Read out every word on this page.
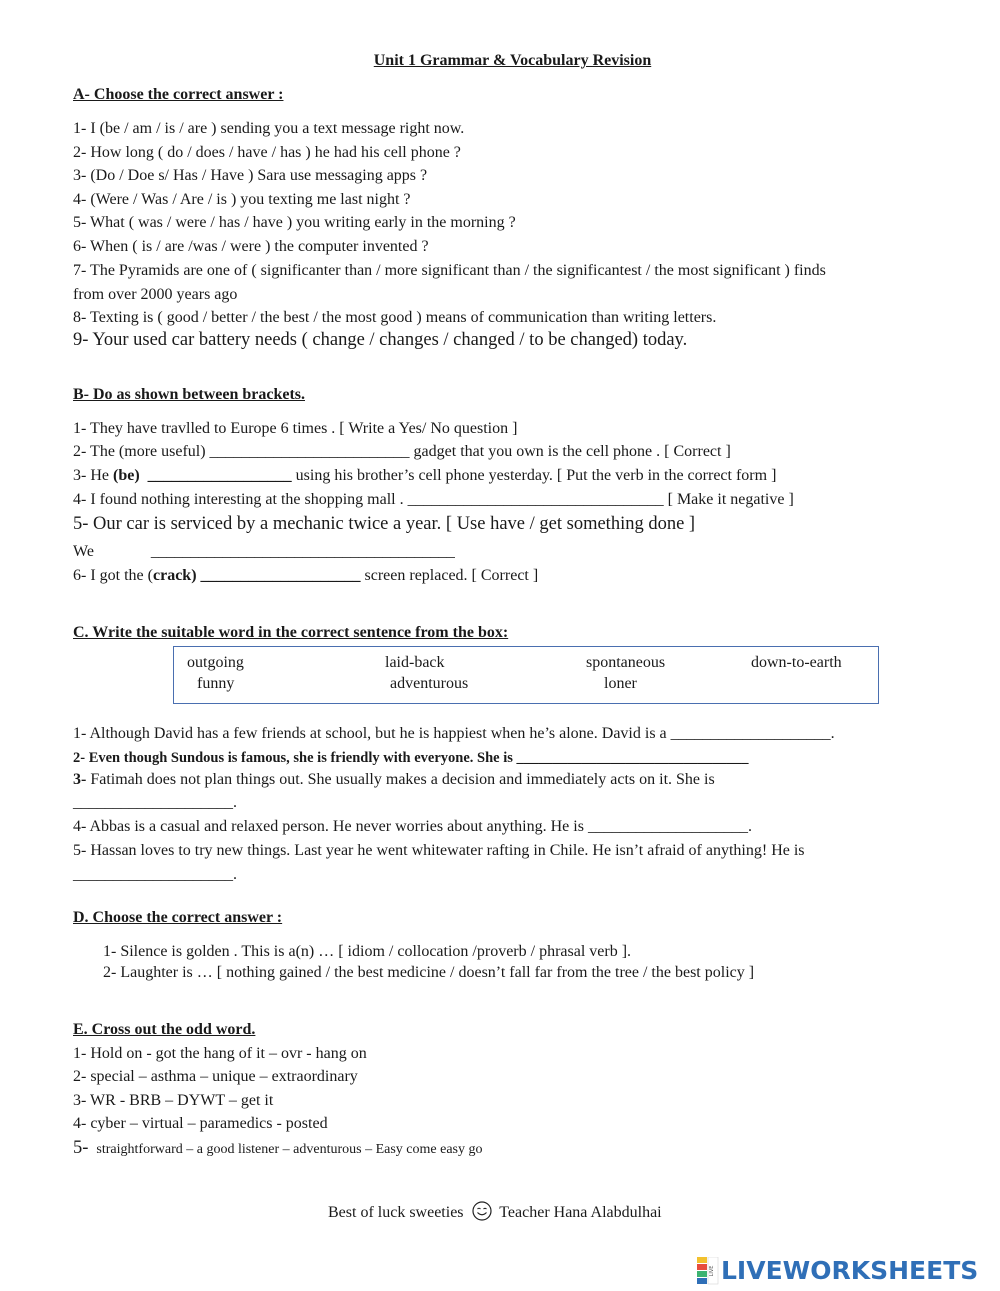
Unit 1 Grammar & Vocabulary Revision
A- Choose the correct answer :
1- I (be / am / is / are ) sending you a text message right now.
2- How long ( do / does / have / has ) he had his cell phone ?
3- (Do / Doe s/ Has / Have ) Sara use messaging apps ?
4- (Were / Was / Are / is ) you texting me last night ?
5- What ( was / were / has / have ) you writing early in the morning ?
6- When ( is / are /was / were ) the computer invented ?
7- The Pyramids are one of ( significanter than / more significant than / the significantest / the most significant ) finds
from over 2000 years ago
8- Texting is ( good / better / the best / the most good ) means of communication than writing letters.
9- Your used car battery needs ( change / changes / changed / to be changed) today.
B- Do as shown between brackets.
1- They have travlled to Europe 6 times . [ Write a Yes/ No question ]
2- The (more useful) _________________________ gadget that you own is the cell phone . [ Correct ]
3- He (be) __________________ using his brother’s cell phone yesterday. [ Put the verb in the correct form ]
4- I found nothing interesting at the shopping mall . ________________________________ [ Make it negative ]
5- Our car is serviced by a mechanic twice a year. [ Use have / get something done ]
We	______________________________________
6- I got the (crack) ____________________ screen replaced. [ Correct ]
C. Write the suitable word in the correct sentence from the box:
outgoing	laid-back	spontaneous	down-to-earth
funny	adventurous	loner
1- Although David has a few friends at school, but he is happiest when he’s alone. David is a ____________________.
2- Even though Sundous is famous, she is friendly with everyone. She is ________________________________
3- Fatimah does not plan things out. She usually makes a decision and immediately acts on it. She is
____________________.
4- Abbas is a casual and relaxed person. He never worries about anything. He is ____________________.
5- Hassan loves to try new things. Last year he went whitewater rafting in Chile. He isn’t afraid of anything! He is
____________________.
D. Choose the correct answer :
1- Silence is golden . This is a(n) … [ idiom / collocation /proverb / phrasal verb ].
2- Laughter is … [ nothing gained / the best medicine / doesn’t fall far from the tree / the best policy ]
E. Cross out the odd word.
1- Hold on - got the hang of it – ovr - hang on
2- special – asthma – unique – extraordinary
3- WR - BRB – DYWT – get it
4- cyber – virtual – paramedics - posted
5- straightforward – a good listener – adventurous – Easy come easy go
Best of luck sweeties Teacher Hana Alabdulhai
LIVE LIVEWORKSHEETS
